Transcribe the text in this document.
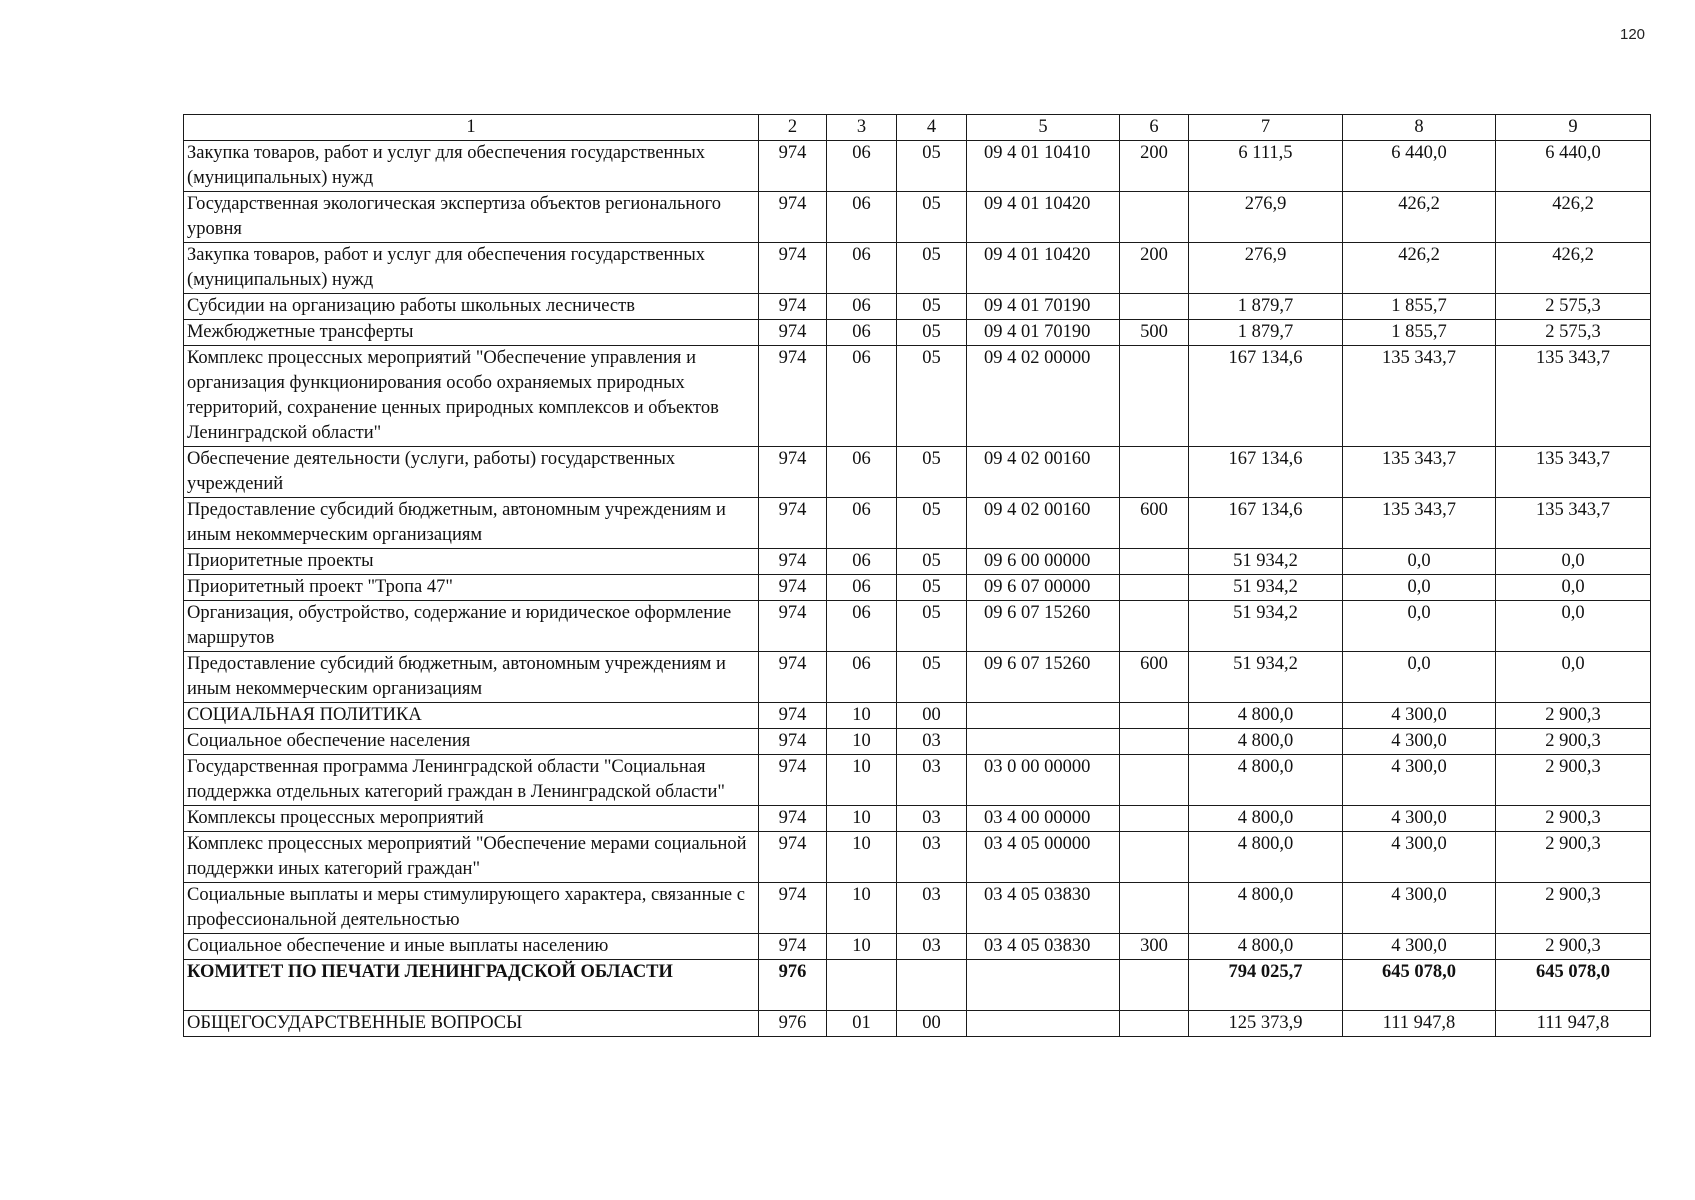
120
1	2	3	4	5	6	7	8	9
Закупка товаров, работ и услуг для обеспечения государственных (муниципальных) нужд	974	06	05	09 4 01 10410	200	6 111,5	6 440,0	6 440,0
Государственная экологическая экспертиза объектов регионального уровня	974	06	05	09 4 01 10420		276,9	426,2	426,2
Закупка товаров, работ и услуг для обеспечения государственных (муниципальных) нужд	974	06	05	09 4 01 10420	200	276,9	426,2	426,2
Субсидии на организацию работы школьных лесничеств	974	06	05	09 4 01 70190		1 879,7	1 855,7	2 575,3
Межбюджетные трансферты	974	06	05	09 4 01 70190	500	1 879,7	1 855,7	2 575,3
Комплекс процессных мероприятий "Обеспечение управления и организация функционирования особо охраняемых природных территорий, сохранение ценных природных комплексов и объектов Ленинградской области"	974	06	05	09 4 02 00000		167 134,6	135 343,7	135 343,7
Обеспечение деятельности (услуги, работы) государственных учреждений	974	06	05	09 4 02 00160		167 134,6	135 343,7	135 343,7
Предоставление субсидий бюджетным, автономным учреждениям и иным некоммерческим организациям	974	06	05	09 4 02 00160	600	167 134,6	135 343,7	135 343,7
Приоритетные проекты	974	06	05	09 6 00 00000		51 934,2	0,0	0,0
Приоритетный проект "Тропа 47"	974	06	05	09 6 07 00000		51 934,2	0,0	0,0
Организация, обустройство, содержание и юридическое оформление маршрутов	974	06	05	09 6 07 15260		51 934,2	0,0	0,0
Предоставление субсидий бюджетным, автономным учреждениям и иным некоммерческим организациям	974	06	05	09 6 07 15260	600	51 934,2	0,0	0,0
СОЦИАЛЬНАЯ ПОЛИТИКА	974	10	00			4 800,0	4 300,0	2 900,3
Социальное обеспечение населения	974	10	03			4 800,0	4 300,0	2 900,3
Государственная программа Ленинградской области "Социальная поддержка отдельных категорий граждан в Ленинградской области"	974	10	03	03 0 00 00000		4 800,0	4 300,0	2 900,3
Комплексы процессных мероприятий	974	10	03	03 4 00 00000		4 800,0	4 300,0	2 900,3
Комплекс процессных мероприятий "Обеспечение мерами социальной поддержки иных категорий граждан"	974	10	03	03 4 05 00000		4 800,0	4 300,0	2 900,3
Социальные выплаты и меры стимулирующего характера, связанные с профессиональной деятельностью	974	10	03	03 4 05 03830		4 800,0	4 300,0	2 900,3
Социальное обеспечение и иные выплаты населению	974	10	03	03 4 05 03830	300	4 800,0	4 300,0	2 900,3
КОМИТЕТ ПО ПЕЧАТИ ЛЕНИНГРАДСКОЙ ОБЛАСТИ	976					794 025,7	645 078,0	645 078,0
ОБЩЕГОСУДАРСТВЕННЫЕ ВОПРОСЫ	976	01	00			125 373,9	111 947,8	111 947,8
